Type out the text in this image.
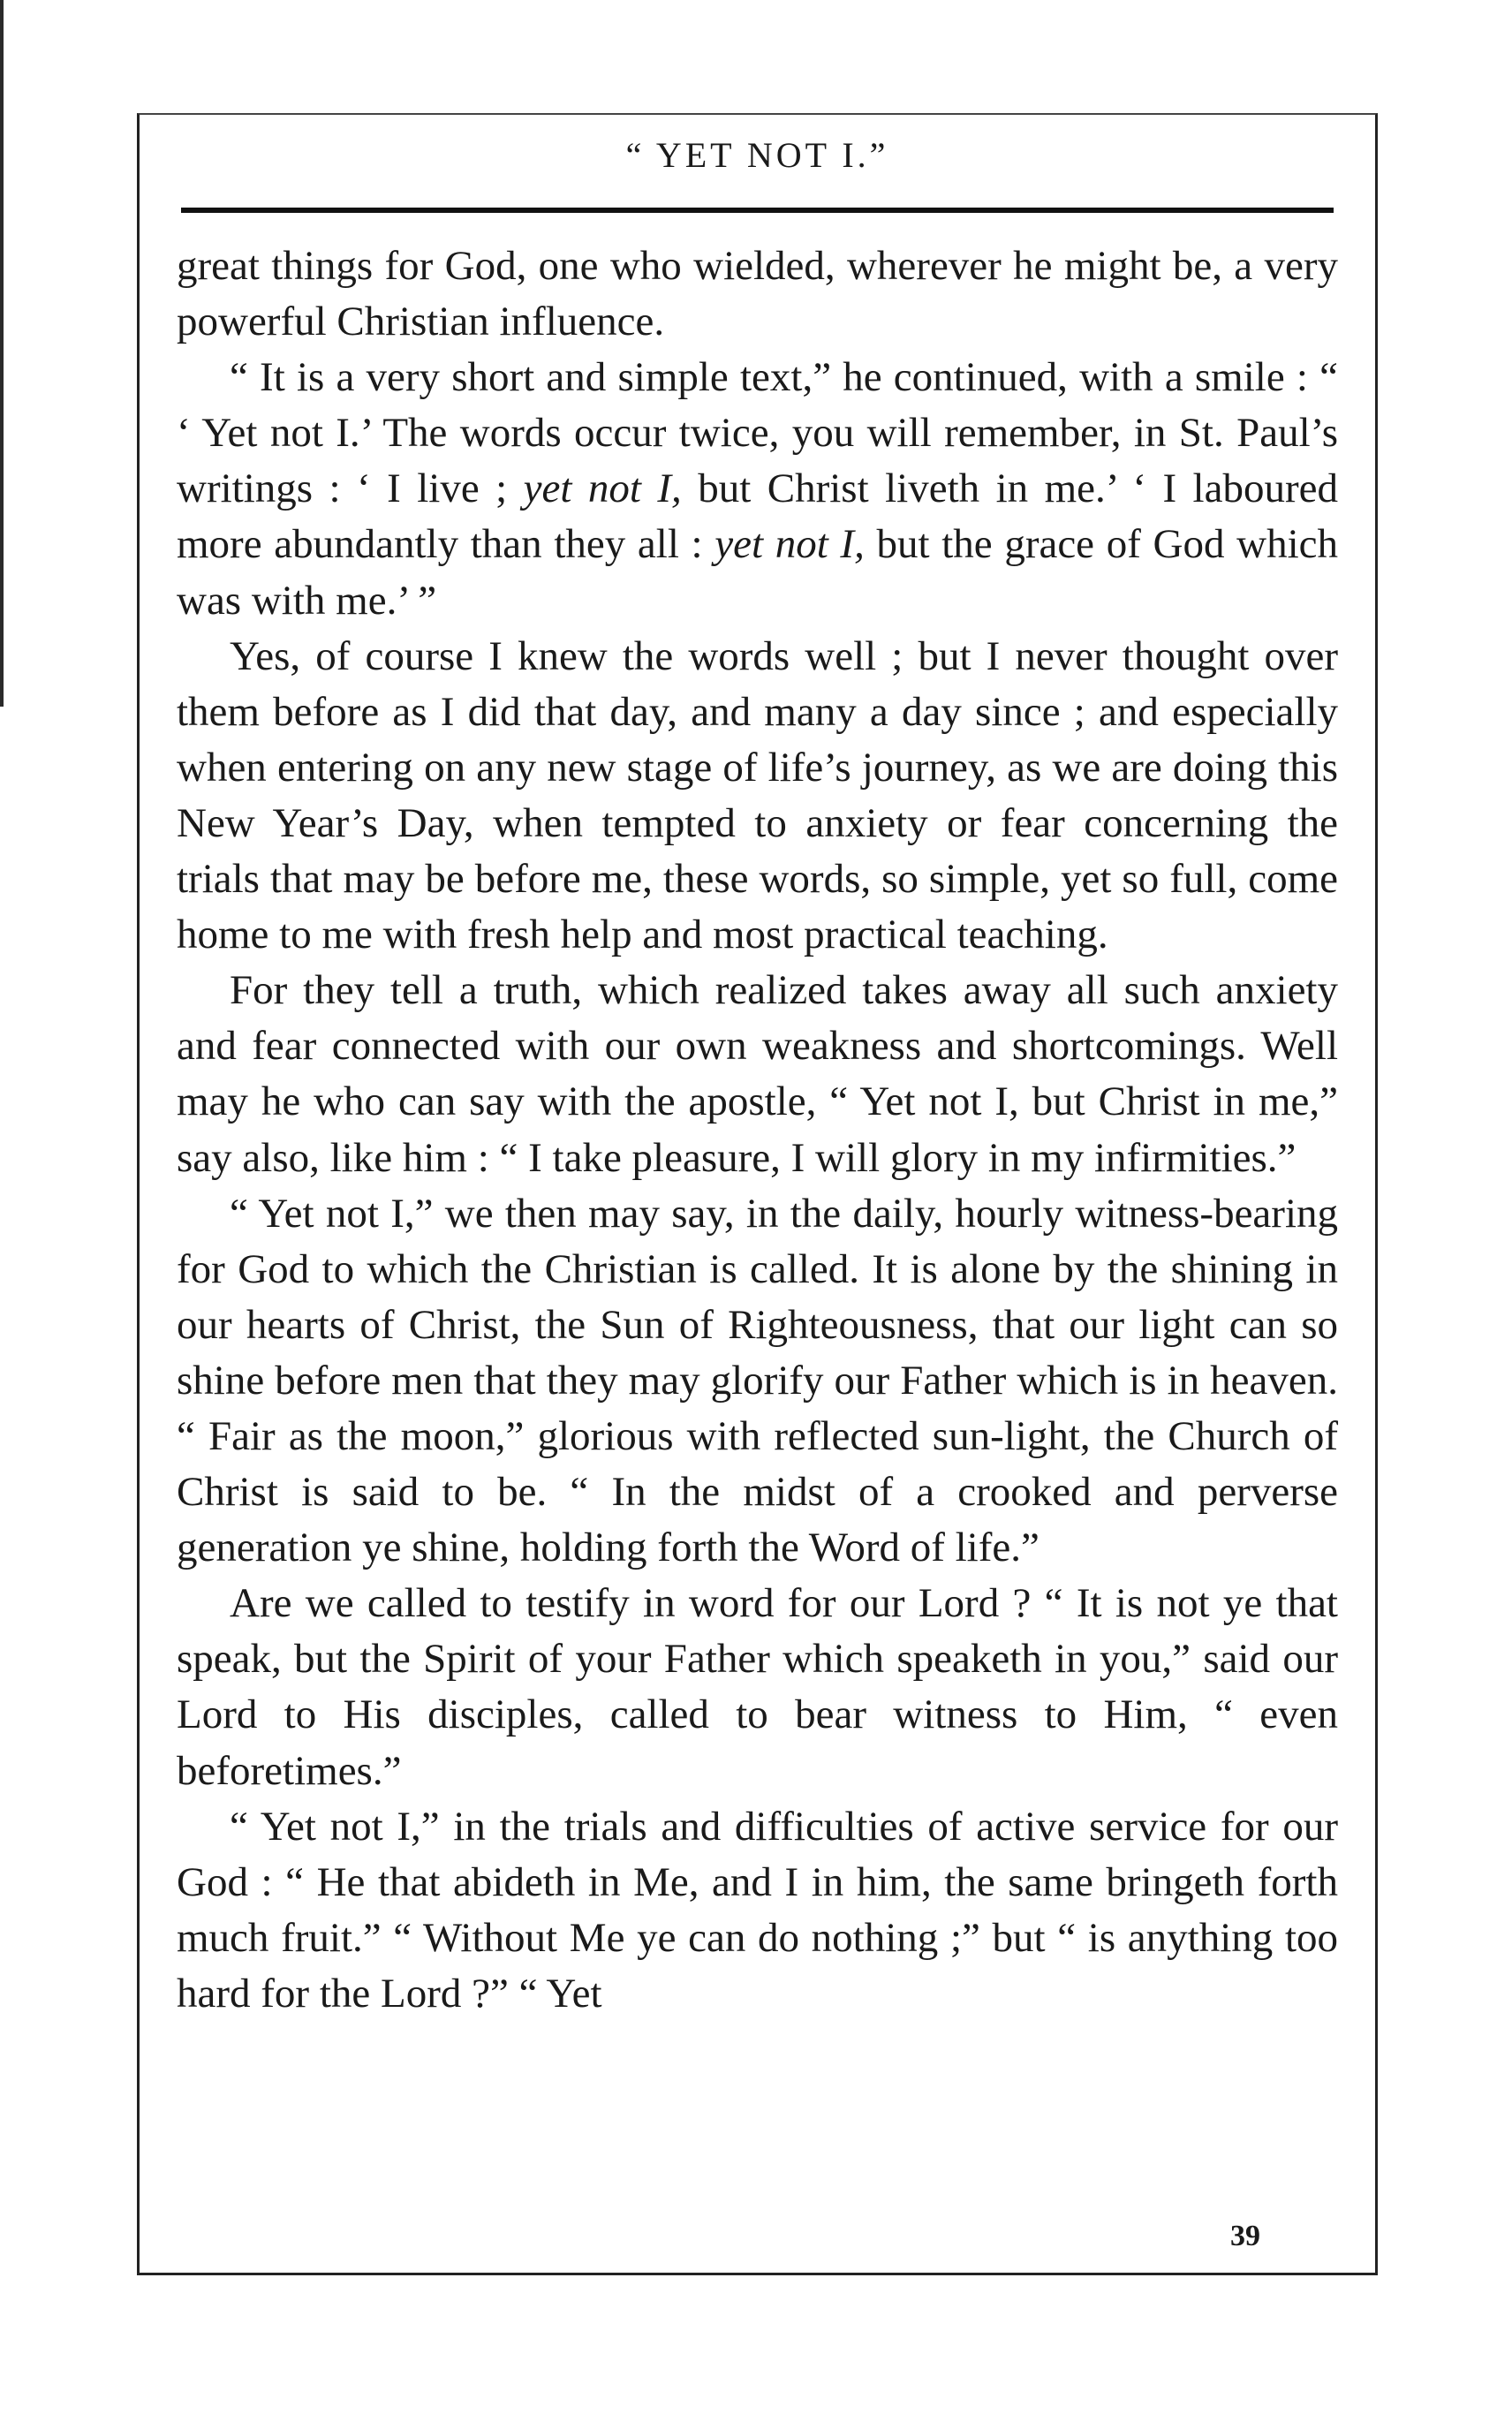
“ YET NOT I.”

great things for God, one who wielded, wherever he might be, a very powerful Christian influence.

“ It is a very short and simple text,” he continued, with a smile : “ ‘ Yet not I.’ The words occur twice, you will remember, in St. Paul’s writings : ‘ I live ; yet not I, but Christ liveth in me.’ ‘ I laboured more abundantly than they all : yet not I, but the grace of God which was with me.’ ”

Yes, of course I knew the words well ; but I never thought over them before as I did that day, and many a day since ; and especially when entering on any new stage of life’s journey, as we are doing this New Year’s Day, when tempted to anxiety or fear concerning the trials that may be before me, these words, so simple, yet so full, come home to me with fresh help and most practical teaching.

For they tell a truth, which realized takes away all such anxiety and fear connected with our own weakness and shortcomings. Well may he who can say with the apostle, “ Yet not I, but Christ in me,” say also, like him : “ I take pleasure, I will glory in my infirmities.”

“ Yet not I,” we then may say, in the daily, hourly witness-bearing for God to which the Christian is called. It is alone by the shining in our hearts of Christ, the Sun of Righteousness, that our light can so shine before men that they may glorify our Father which is in heaven. “ Fair as the moon,” glorious with reflected sun-light, the Church of Christ is said to be. “ In the midst of a crooked and perverse generation ye shine, holding forth the Word of life.”

Are we called to testify in word for our Lord ? “ It is not ye that speak, but the Spirit of your Father which speaketh in you,” said our Lord to His disciples, called to bear witness to Him, “ even beforetimes.”

“ Yet not I,” in the trials and difficulties of active service for our God : “ He that abideth in Me, and I in him, the same bringeth forth much fruit.” “ Without Me ye can do nothing ;” but “ is anything too hard for the Lord ?” “ Yet

39
